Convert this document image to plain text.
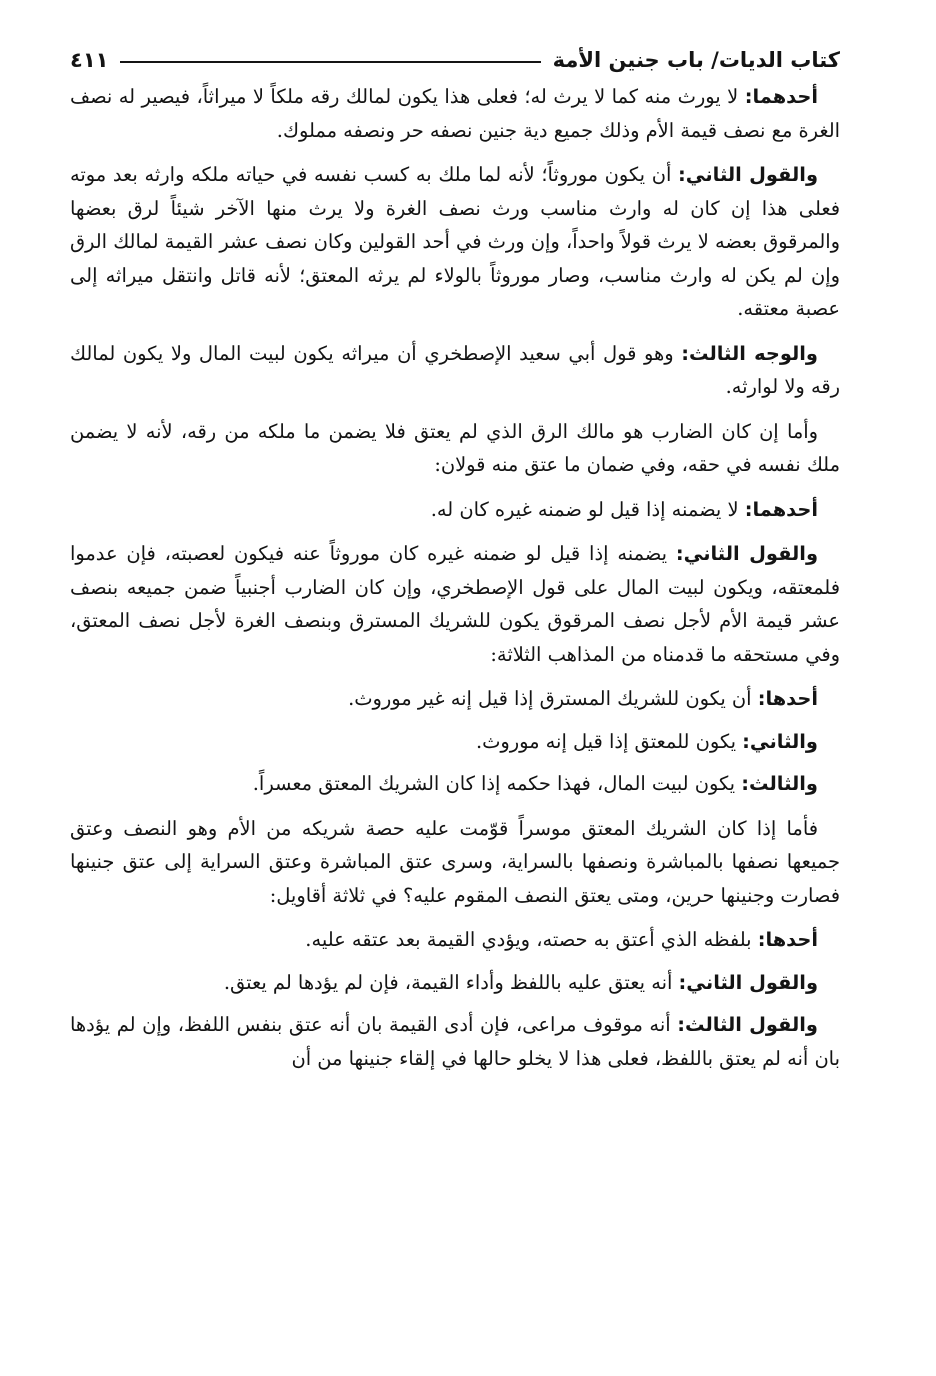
كتاب الديات/ باب جنين الأمة
٤١١

أحدهما: لا يورث منه كما لا يرث له؛ فعلى هذا يكون لمالك رقه ملكاً لا ميراثاً، فيصير له نصف الغرة مع نصف قيمة الأم وذلك جميع دية جنين نصفه حر ونصفه مملوك.

والقول الثاني: أن يكون موروثاً؛ لأنه لما ملك به كسب نفسه في حياته ملكه وارثه بعد موته فعلى هذا إن كان له وارث مناسب ورث نصف الغرة ولا يرث منها الآخر شيئاً لرق بعضها والمرقوق بعضه لا يرث قولاً واحداً، وإن ورث في أحد القولين وكان نصف عشر القيمة لمالك الرق وإن لم يكن له وارث مناسب، وصار موروثاً بالولاء لم يرثه المعتق؛ لأنه قاتل وانتقل ميراثه إلى عصبة معتقه.

والوجه الثالث: وهو قول أبي سعيد الإصطخري أن ميراثه يكون لبيت المال ولا يكون لمالك رقه ولا لوارثه.

وأما إن كان الضارب هو مالك الرق الذي لم يعتق فلا يضمن ما ملكه من رقه، لأنه لا يضمن ملك نفسه في حقه، وفي ضمان ما عتق منه قولان:

أحدهما: لا يضمنه إذا قيل لو ضمنه غيره كان له.

والقول الثاني: يضمنه إذا قيل لو ضمنه غيره كان موروثاً عنه فيكون لعصبته، فإن عدموا فلمعتقه، ويكون لبيت المال على قول الإصطخري، وإن كان الضارب أجنبياً ضمن جميعه بنصف عشر قيمة الأم لأجل نصف المرقوق يكون للشريك المسترق وبنصف الغرة لأجل نصف المعتق، وفي مستحقه ما قدمناه من المذاهب الثلاثة:

أحدها: أن يكون للشريك المسترق إذا قيل إنه غير موروث.

والثاني: يكون للمعتق إذا قيل إنه موروث.

والثالث: يكون لبيت المال، فهذا حكمه إذا كان الشريك المعتق معسراً.

فأما إذا كان الشريك المعتق موسراً قوّمت عليه حصة شريكه من الأم وهو النصف وعتق جميعها نصفها بالمباشرة ونصفها بالسراية، وسرى عتق المباشرة وعتق السراية إلى عتق جنينها فصارت وجنينها حرين، ومتى يعتق النصف المقوم عليه؟ في ثلاثة أقاويل:

أحدها: بلفظه الذي أعتق به حصته، ويؤدي القيمة بعد عتقه عليه.

والقول الثاني: أنه يعتق عليه باللفظ وأداء القيمة، فإن لم يؤدها لم يعتق.

والقول الثالث: أنه موقوف مراعى، فإن أدى القيمة بان أنه عتق بنفس اللفظ، وإن لم يؤدها بان أنه لم يعتق باللفظ، فعلى هذا لا يخلو حالها في إلقاء جنينها من أن
